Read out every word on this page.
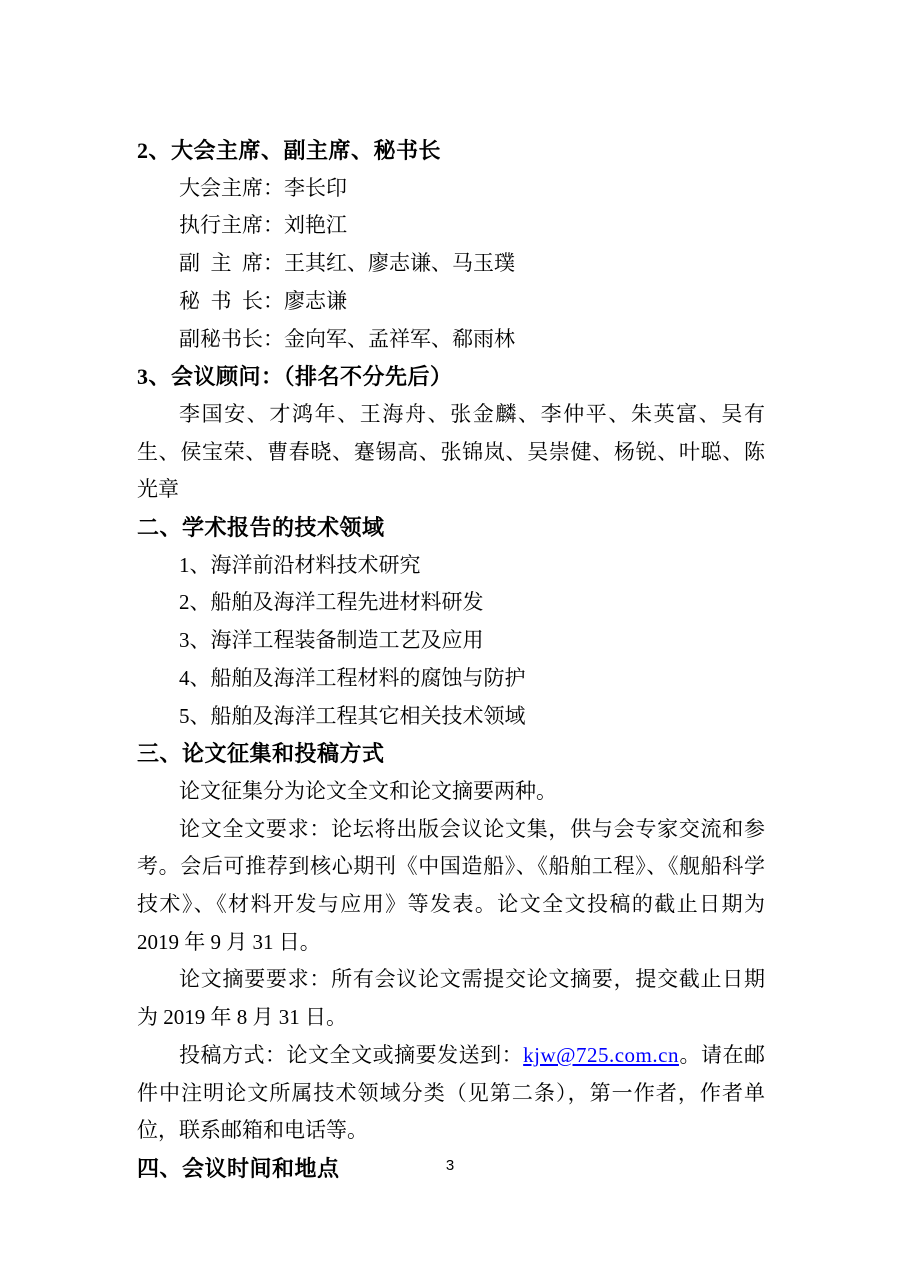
2、大会主席、副主席、秘书长
大会主席：李长印
执行主席：刘艳江
副  主  席：王其红、廖志谦、马玉璞
秘  书  长：廖志谦
副秘书长：金向军、孟祥军、郗雨林
3、会议顾问：（排名不分先后）
李国安、才鸿年、王海舟、张金麟、李仲平、朱英富、吴有生、侯宝荣、曹春晓、蹇锡高、张锦岚、吴崇健、杨锐、叶聪、陈光章
二、学术报告的技术领域
1、海洋前沿材料技术研究
2、船舶及海洋工程先进材料研发
3、海洋工程装备制造工艺及应用
4、船舶及海洋工程材料的腐蚀与防护
5、船舶及海洋工程其它相关技术领域
三、论文征集和投稿方式
论文征集分为论文全文和论文摘要两种。
论文全文要求：论坛将出版会议论文集，供与会专家交流和参考。会后可推荐到核心期刊《中国造船》、《船舶工程》、《舰船科学技术》、《材料开发与应用》等发表。论文全文投稿的截止日期为 2019 年 9 月 31 日。
论文摘要要求：所有会议论文需提交论文摘要，提交截止日期为 2019 年 8 月 31 日。
投稿方式：论文全文或摘要发送到：kjw@725.com.cn。请在邮件中注明论文所属技术领域分类（见第二条），第一作者，作者单位，联系邮箱和电话等。
四、会议时间和地点	3
